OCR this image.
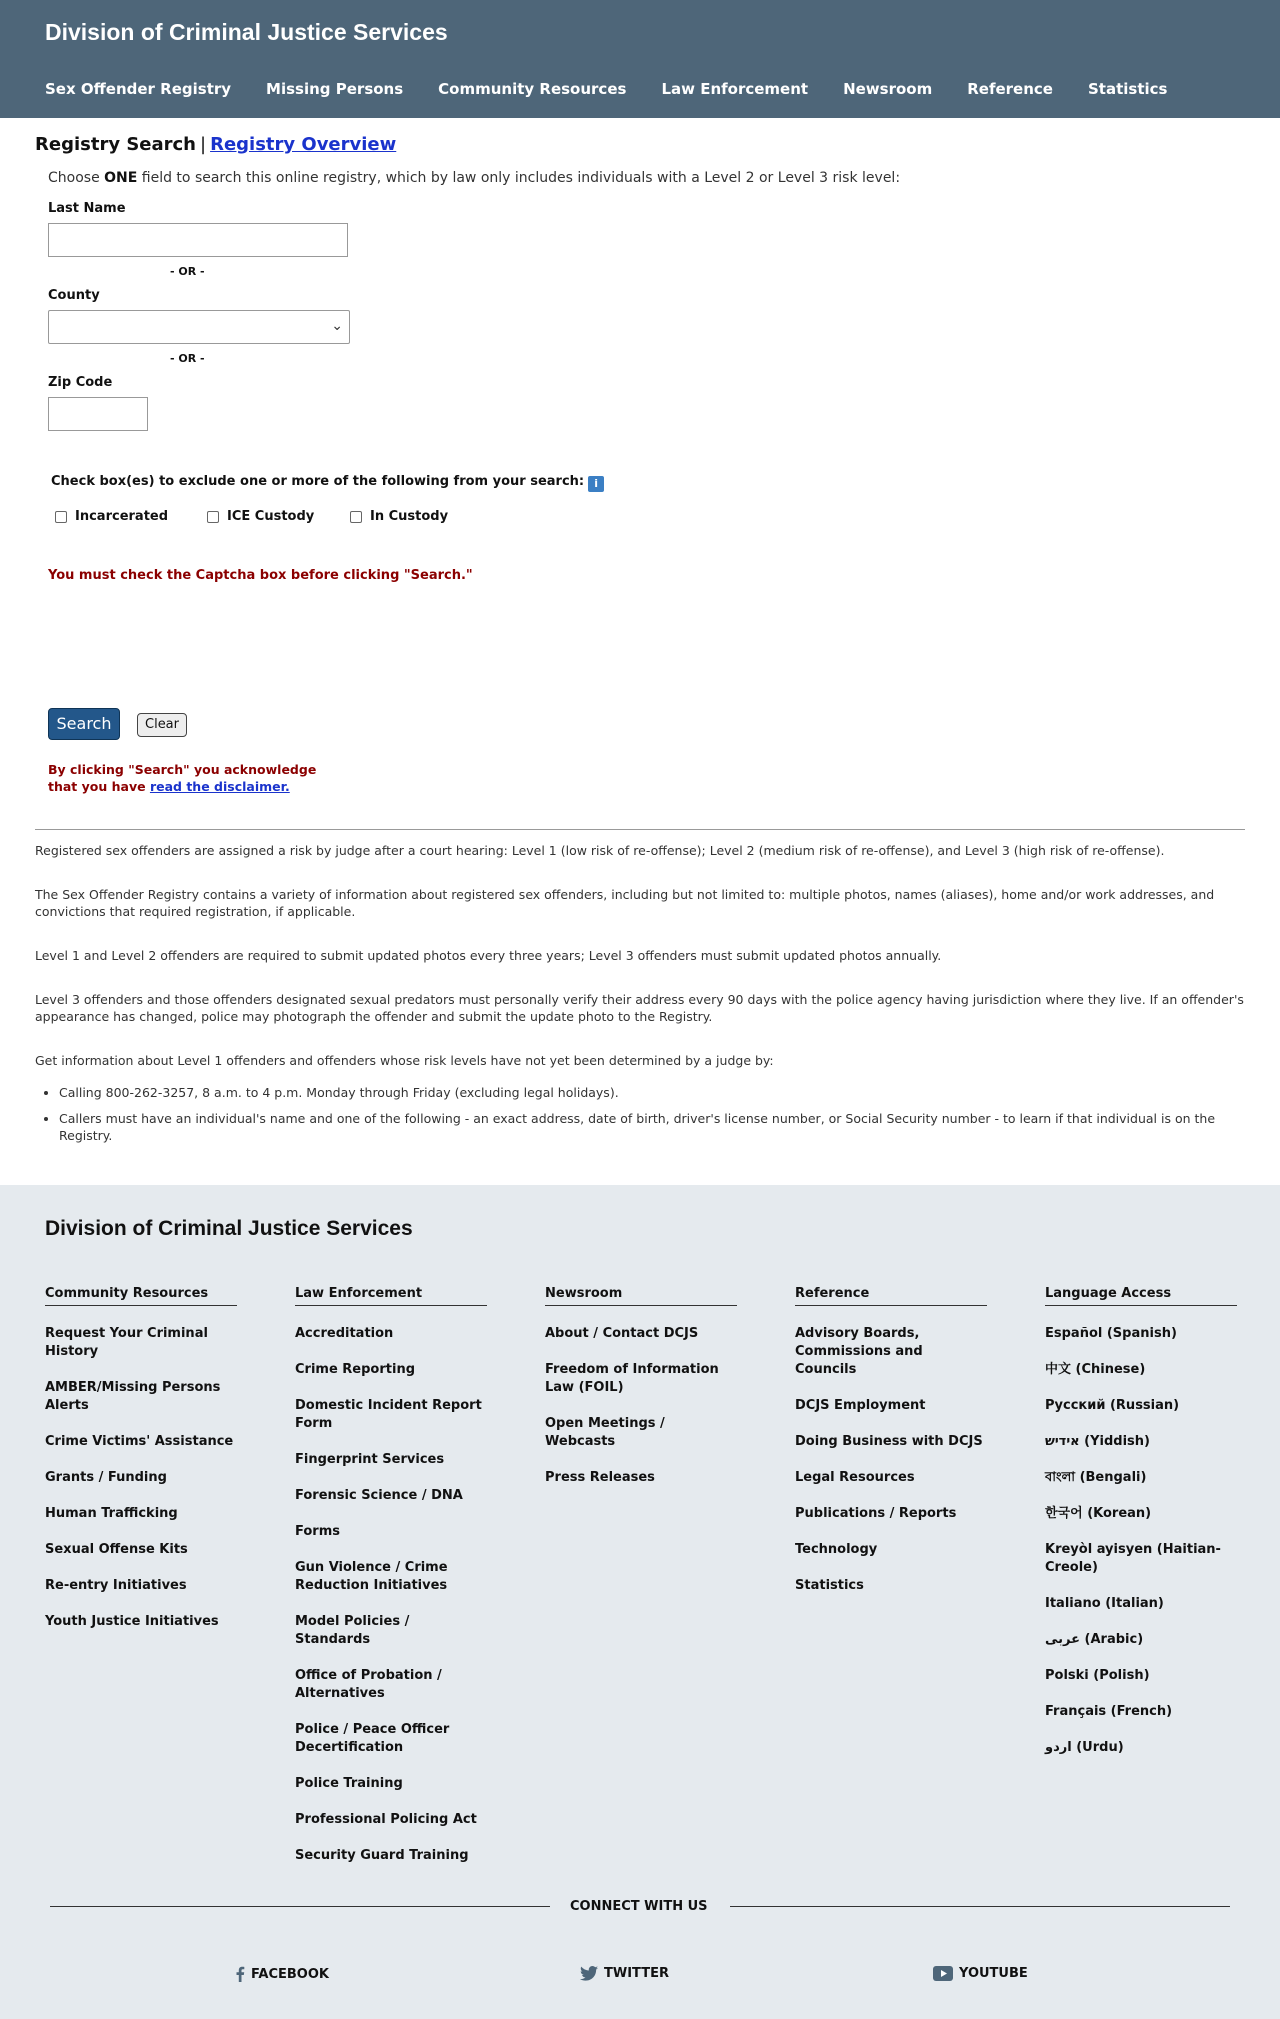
Division of Criminal Justice Services
Sex Offender Registry Missing Persons Community Resources Law Enforcement Newsroom Reference Statistics
Registry Search | Registry Overview
Choose ONE field to search this online registry, which by law only includes individuals with a Level 2 or Level 3 risk level:
Last Name
- OR -
County
⌄
- OR -
Zip Code
Check box(es) to exclude one or more of the following from your search: i
Incarcerated	ICE Custody	In Custody
You must check the Captcha box before clicking "Search."
Search	Clear
By clicking "Search" you acknowledge
that you have read the disclaimer.

Registered sex offenders are assigned a risk by judge after a court hearing: Level 1 (low risk of re-offense); Level 2 (medium risk of re-offense), and Level 3 (high risk of re-offense).

The Sex Offender Registry contains a variety of information about registered sex offenders, including but not limited to: multiple photos, names (aliases), home and/or work addresses, and convictions that required registration, if applicable.

Level 1 and Level 2 offenders are required to submit updated photos every three years; Level 3 offenders must submit updated photos annually.

Level 3 offenders and those offenders designated sexual predators must personally verify their address every 90 days with the police agency having jurisdiction where they live. If an offender's appearance has changed, police may photograph the offender and submit the update photo to the Registry.

Get information about Level 1 offenders and offenders whose risk levels have not yet been determined by a judge by:

• Calling 800-262-3257, 8 a.m. to 4 p.m. Monday through Friday (excluding legal holidays).
• Callers must have an individual's name and one of the following - an exact address, date of birth, driver's license number, or Social Security number - to learn if that individual is on the Registry.
Division of Criminal Justice Services
Community Resources
Request Your Criminal History
AMBER/Missing Persons Alerts
Crime Victims' Assistance
Grants / Funding
Human Trafficking
Sexual Offense Kits
Re-entry Initiatives
Youth Justice Initiatives
Law Enforcement
Accreditation
Crime Reporting
Domestic Incident Report Form
Fingerprint Services
Forensic Science / DNA
Forms
Gun Violence / Crime Reduction Initiatives
Model Policies / Standards
Office of Probation / Alternatives
Police / Peace Officer Decertification
Police Training
Professional Policing Act
Security Guard Training
Newsroom
About / Contact DCJS
Freedom of Information Law (FOIL)
Open Meetings / Webcasts
Press Releases
Reference
Advisory Boards, Commissions and Councils
DCJS Employment
Doing Business with DCJS
Legal Resources
Publications / Reports
Technology
Statistics
Language Access
Español (Spanish)
中文 (Chinese)
Русский (Russian)
אידיש (Yiddish)
বাংলা (Bengali)
한국어 (Korean)
Kreyòl ayisyen (Haitian-Creole)
Italiano (Italian)
عربى (Arabic)
Polski (Polish)
Français (French)
اردو (Urdu)
CONNECT WITH US
FACEBOOK	TWITTER	YOUTUBE
